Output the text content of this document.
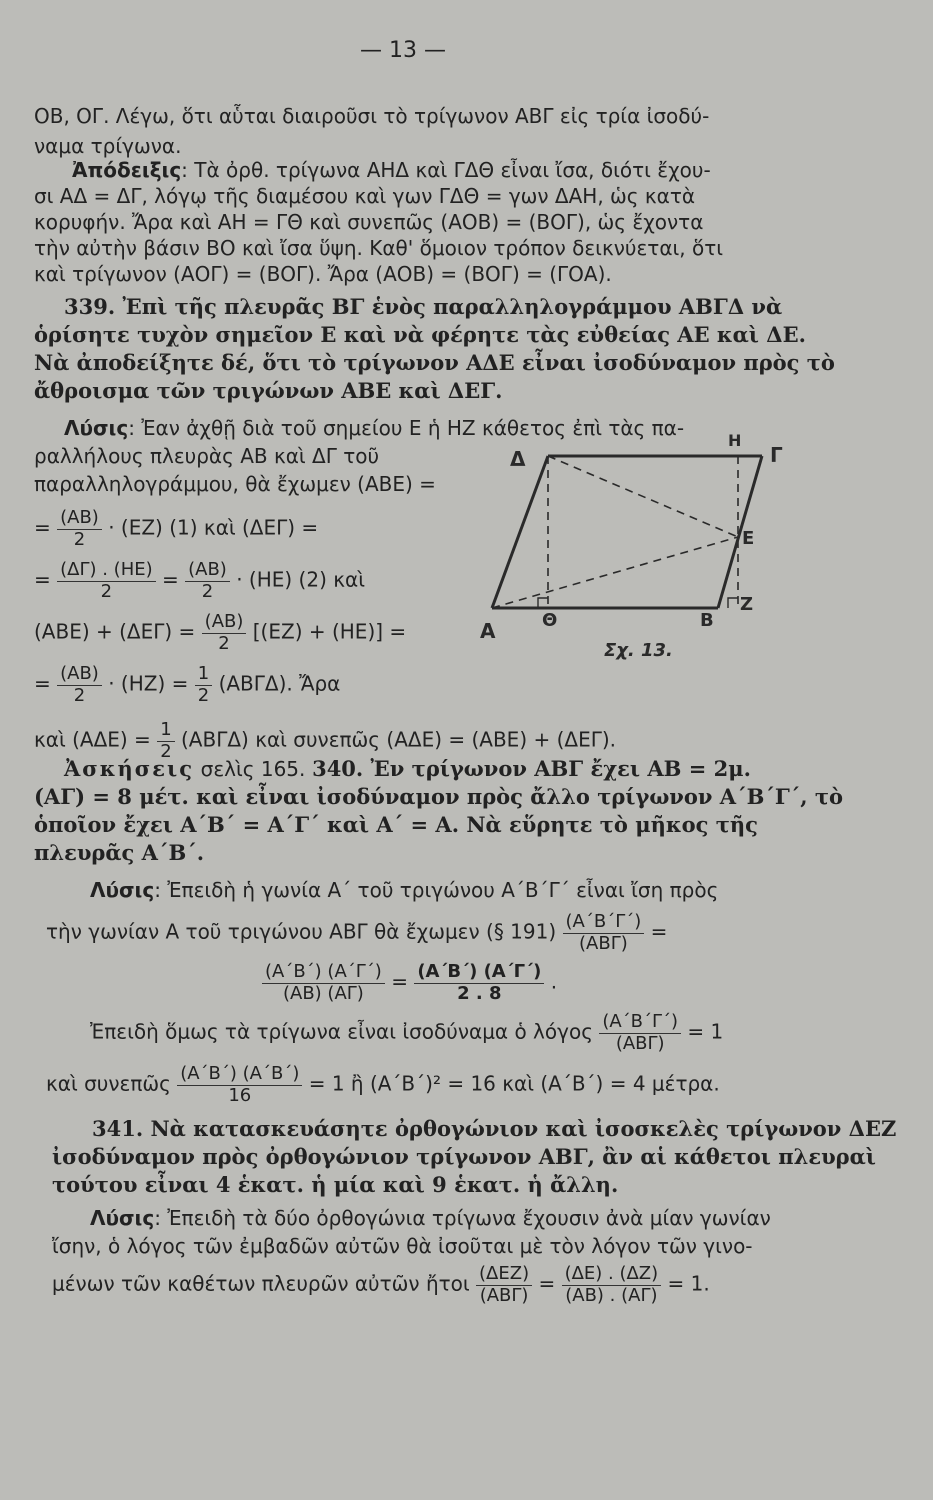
— 13 —
ΟΒ, ΟΓ. Λέγω, ὅτι αὗται διαιροῦσι τὸ τρίγωνον ΑΒΓ εἰς τρία ἰσοδύ-
ναμα τρίγωνα.
Ἀπόδειξις: Τὰ ὀρθ. τρίγωνα ΑΗΔ καὶ ΓΔΘ εἶναι ἴσα, διότι ἔχου-
σι ΑΔ = ΔΓ, λόγῳ τῆς διαμέσου καὶ γων ΓΔΘ = γων ΔΑΗ, ὡς κατὰ
κορυφήν. Ἄρα καὶ ΑΗ = ΓΘ καὶ συνεπῶς (ΑΟΒ) = (ΒΟΓ), ὡς ἔχοντα
τὴν αὐτὴν βάσιν ΒΟ καὶ ἴσα ὕψη. Καθ' ὅμοιον τρόπον δεικνύεται, ὅτι
καὶ τρίγωνον (ΑΟΓ) = (ΒΟΓ). Ἄρα (ΑΟΒ) = (ΒΟΓ) = (ΓΟΑ).
339. Ἐπὶ τῆς πλευρᾶς ΒΓ ἑνὸς παραλληλογράμμου ΑΒΓΔ νὰ
ὁρίσητε τυχὸν σημεῖον Ε καὶ νὰ φέρητε τὰς εὐθείας ΑΕ καὶ ΔΕ.
Νὰ ἀποδείξητε δέ, ὅτι τὸ τρίγωνον ΑΔΕ εἶναι ἰσοδύναμον πρὸς τὸ
ἄθροισμα τῶν τριγώνων ΑΒΕ καὶ ΔΕΓ.
Λύσις: Ἐαν ἀχθῇ διὰ τοῦ σημείου Ε ἡ ΗΖ κάθετος ἐπὶ τὰς πα-
ραλλήλους πλευρὰς ΑΒ καὶ ΔΓ τοῦ
παραλληλογράμμου, θὰ ἔχωμεν (ΑΒΕ) =
= $\frac{(AB)}{2} \cdot (EZ)$ (1) καὶ (ΔΕΓ) =
= $\frac{(\Delta\Gamma) . (HE)}{2} = \frac{(AB)}{2} \cdot (HE)$ (2) καὶ
$(ABE) + (\Delta E\Gamma) = \frac{(AB)}{2} [(EZ) + (HE)]$ =
= $\frac{(AB)}{2} \cdot (HZ) = \frac{1}{2} (AB\Gamma\Delta)$. Ἄρα
καὶ $(A\Delta E) = \frac{1}{2} (AB\Gamma\Delta)$ καὶ συνεπῶς (ΑΔΕ) = (ΑΒΕ) + (ΔΕΓ).
Δ	Γ
Η
Ε
Α	Θ	Β
Ζ
Σχ. 13.
Ἀσκήσεις σελὶς 165. 340. Ἐν τρίγωνον ΑΒΓ ἔχει ΑΒ = 2μ.
(ΑΓ) = 8 μέτ. καὶ εἶναι ἰσοδύναμον πρὸς ἄλλο τρίγωνον Α΄Β΄Γ΄, τὸ
ὁποῖον ἔχει Α΄Β΄ = Α΄Γ΄ καὶ Α΄ = Α. Νὰ εὕρητε τὸ μῆκος τῆς
πλευρᾶς Α΄Β΄.
Λύσις: Ἐπειδὴ ἡ γωνία Α΄ τοῦ τριγώνου Α΄Β΄Γ΄ εἶναι ἴση πρὸς
τὴν γωνίαν Α τοῦ τριγώνου ΑΒΓ θὰ ἔχωμεν (§ $191) \frac{(A΄B΄\Gamma΄)}{\text{(ΑΒΓ)}}$ =
$\frac{(A΄B΄) (A΄\Gamma΄)}{(AB) (A\Gamma)} = \frac{(A΄B΄) (A΄\Gamma΄)}{2 . 8}$ .
Ἐπειδὴ ὅμως τὰ τρίγωνα εἶναι ἰσοδύναμα ὁ λόγος $\frac{(A΄B΄\Gamma΄)}{\text{(ΑΒΓ)}} = 1$
καὶ συνεπῶς $\frac{(A΄B΄) (A΄B΄)}{16} = 1$ ἢ (Α΄Β΄)² = 16 καὶ (Α΄Β΄) = 4 μέτρα.
341. Νὰ κατασκευάσητε ὀρθογώνιον καὶ ἰσοσκελὲς τρίγωνον ΔΕΖ
ἰσοδύναμον πρὸς ὀρθογώνιον τρίγωνον ΑΒΓ, ἂν αἱ κάθετοι πλευραὶ
τούτου εἶναι 4 ἑκατ. ἡ μία καὶ 9 ἑκατ. ἡ ἄλλη.
Λύσις: Ἐπειδὴ τὰ δύο ὀρθογώνια τρίγωνα ἔχουσιν ἀνὰ μίαν γωνίαν
ἴσην, ὁ λόγος τῶν ἐμβαδῶν αὐτῶν θὰ ἰσοῦται μὲ τὸν λόγον τῶν γινο-
μένων τῶν καθέτων πλευρῶν αὐτῶν ἤτοι $\frac{\text{(ΔΕΖ)}}{\text{(ΑΒΓ)}} = \frac{(\Delta E) . (\Delta Z)}{(AB) . (A\Gamma)} = 1$.
